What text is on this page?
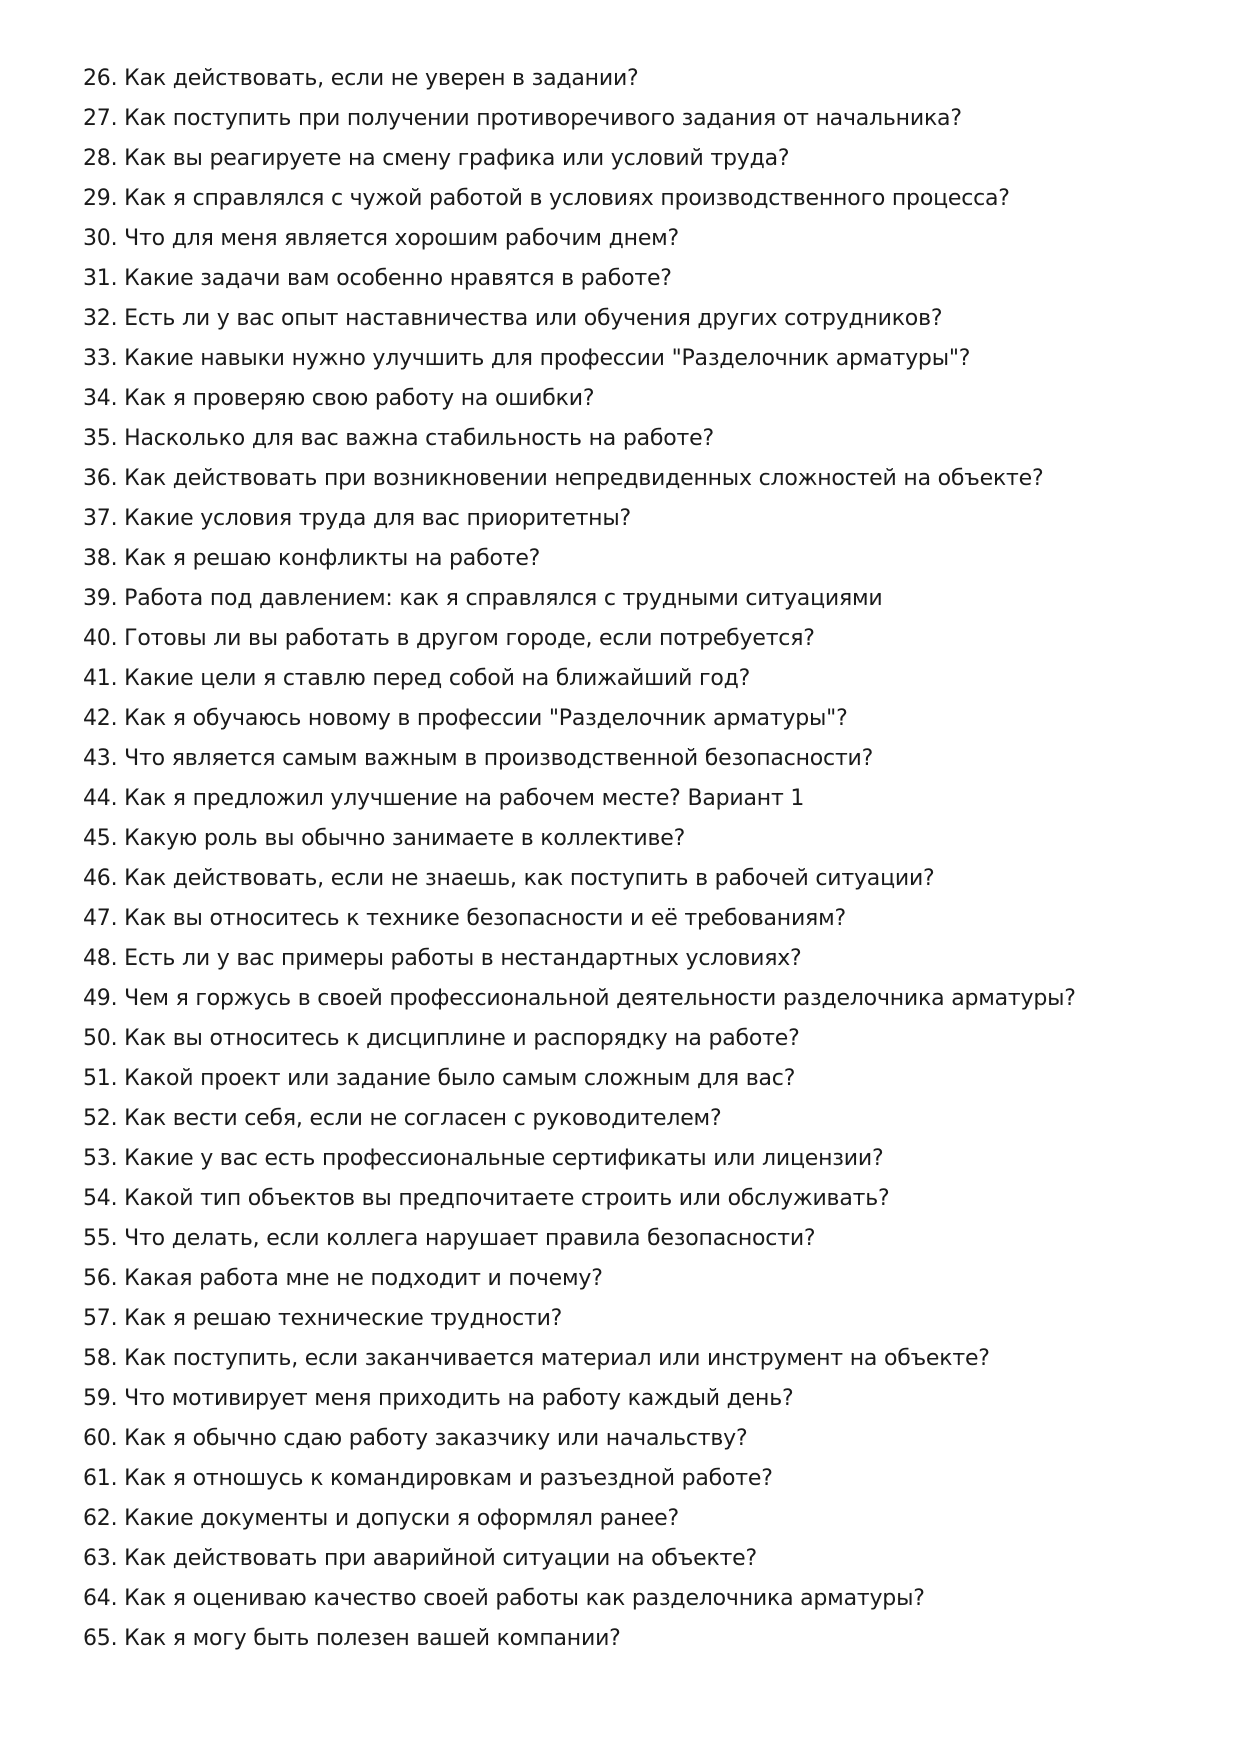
26. Как действовать, если не уверен в задании?
27. Как поступить при получении противоречивого задания от начальника?
28. Как вы реагируете на смену графика или условий труда?
29. Как я справлялся с чужой работой в условиях производственного процесса?
30. Что для меня является хорошим рабочим днем?
31. Какие задачи вам особенно нравятся в работе?
32. Есть ли у вас опыт наставничества или обучения других сотрудников?
33. Какие навыки нужно улучшить для профессии "Разделочник арматуры"?
34. Как я проверяю свою работу на ошибки?
35. Насколько для вас важна стабильность на работе?
36. Как действовать при возникновении непредвиденных сложностей на объекте?
37. Какие условия труда для вас приоритетны?
38. Как я решаю конфликты на работе?
39. Работа под давлением: как я справлялся с трудными ситуациями
40. Готовы ли вы работать в другом городе, если потребуется?
41. Какие цели я ставлю перед собой на ближайший год?
42. Как я обучаюсь новому в профессии "Разделочник арматуры"?
43. Что является самым важным в производственной безопасности?
44. Как я предложил улучшение на рабочем месте? Вариант 1
45. Какую роль вы обычно занимаете в коллективе?
46. Как действовать, если не знаешь, как поступить в рабочей ситуации?
47. Как вы относитесь к технике безопасности и её требованиям?
48. Есть ли у вас примеры работы в нестандартных условиях?
49. Чем я горжусь в своей профессиональной деятельности разделочника арматуры?
50. Как вы относитесь к дисциплине и распорядку на работе?
51. Какой проект или задание было самым сложным для вас?
52. Как вести себя, если не согласен с руководителем?
53. Какие у вас есть профессиональные сертификаты или лицензии?
54. Какой тип объектов вы предпочитаете строить или обслуживать?
55. Что делать, если коллега нарушает правила безопасности?
56. Какая работа мне не подходит и почему?
57. Как я решаю технические трудности?
58. Как поступить, если заканчивается материал или инструмент на объекте?
59. Что мотивирует меня приходить на работу каждый день?
60. Как я обычно сдаю работу заказчику или начальству?
61. Как я отношусь к командировкам и разъездной работе?
62. Какие документы и допуски я оформлял ранее?
63. Как действовать при аварийной ситуации на объекте?
64. Как я оцениваю качество своей работы как разделочника арматуры?
65. Как я могу быть полезен вашей компании?
